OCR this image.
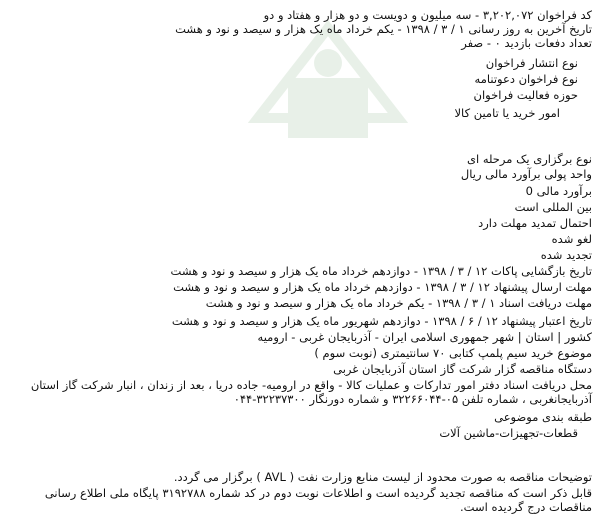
کد فراخوان ۳,۲۰۲,۰۷۲ - سه میلیون و دویست و دو هزار و هفتاد و دو
تاریخ آخرین به روز رسانی ۱ / ۳ / ۱۳۹۸ - یکم خرداد ماه یک هزار و سیصد و نود و هشت
تعداد دفعات بازدید ۰ - صفر
نوع انتشار فراخوان
نوع فراخوان دعوتنامه
حوزه فعالیت فراخوان
امور خرید یا تامین کالا
نوع برگزاری یک مرحله ای
واحد پولی برآورد مالی ریال
برآورد مالی 0
بین المللی است
احتمال تمدید مهلت دارد
لغو شده
تجدید شده
تاریخ بازگشایی پاکات ۱۲ / ۳ / ۱۳۹۸ - دوازدهم خرداد ماه یک هزار و سیصد و نود و هشت
مهلت ارسال پیشنهاد ۱۲ / ۳ / ۱۳۹۸ - دوازدهم خرداد ماه یک هزار و سیصد و نود و هشت
مهلت دریافت اسناد ۱ / ۳ / ۱۳۹۸ - یکم خرداد ماه یک هزار و سیصد و نود و هشت
تاریخ اعتبار پیشنهاد ۱۲ / ۶ / ۱۳۹۸ - دوازدهم شهریور ماه یک هزار و سیصد و نود و هشت
کشور | استان | شهر جمهوری اسلامی ایران - آذربایجان غربی - ارومیه
موضوع خرید سیم پلمپ کتابی ۷۰ سانتیمتری (نوبت سوم )
دستگاه مناقصه گزار شرکت گاز استان آذربایجان غربی
محل دریافت اسناد دفتر امور تدارکات و عملیات کالا - واقع در ارومیه- جاده دریا ، بعد از زندان ، انبار شرکت گاز استان آذربایجانغربی ، شماره تلفن ۰۵-۳۲۲۶۶۰۴۴ و شماره دورنگار ۳۲۲۳۷۳۰۰-۰۴۴
طبقه بندی موضوعی
قطعات-تجهیزات-ماشین آلات
توضیحات مناقصه به صورت محدود از لیست منابع وزارت نفت ( AVL ) برگزار می گردد.
قابل ذکر است که مناقصه تجدید گردیده است و اطلاعات نوبت دوم در کد شماره ۳۱۹۲۷۸۸ پایگاه ملی اطلاع رسانی مناقصات درج گردیده است.
